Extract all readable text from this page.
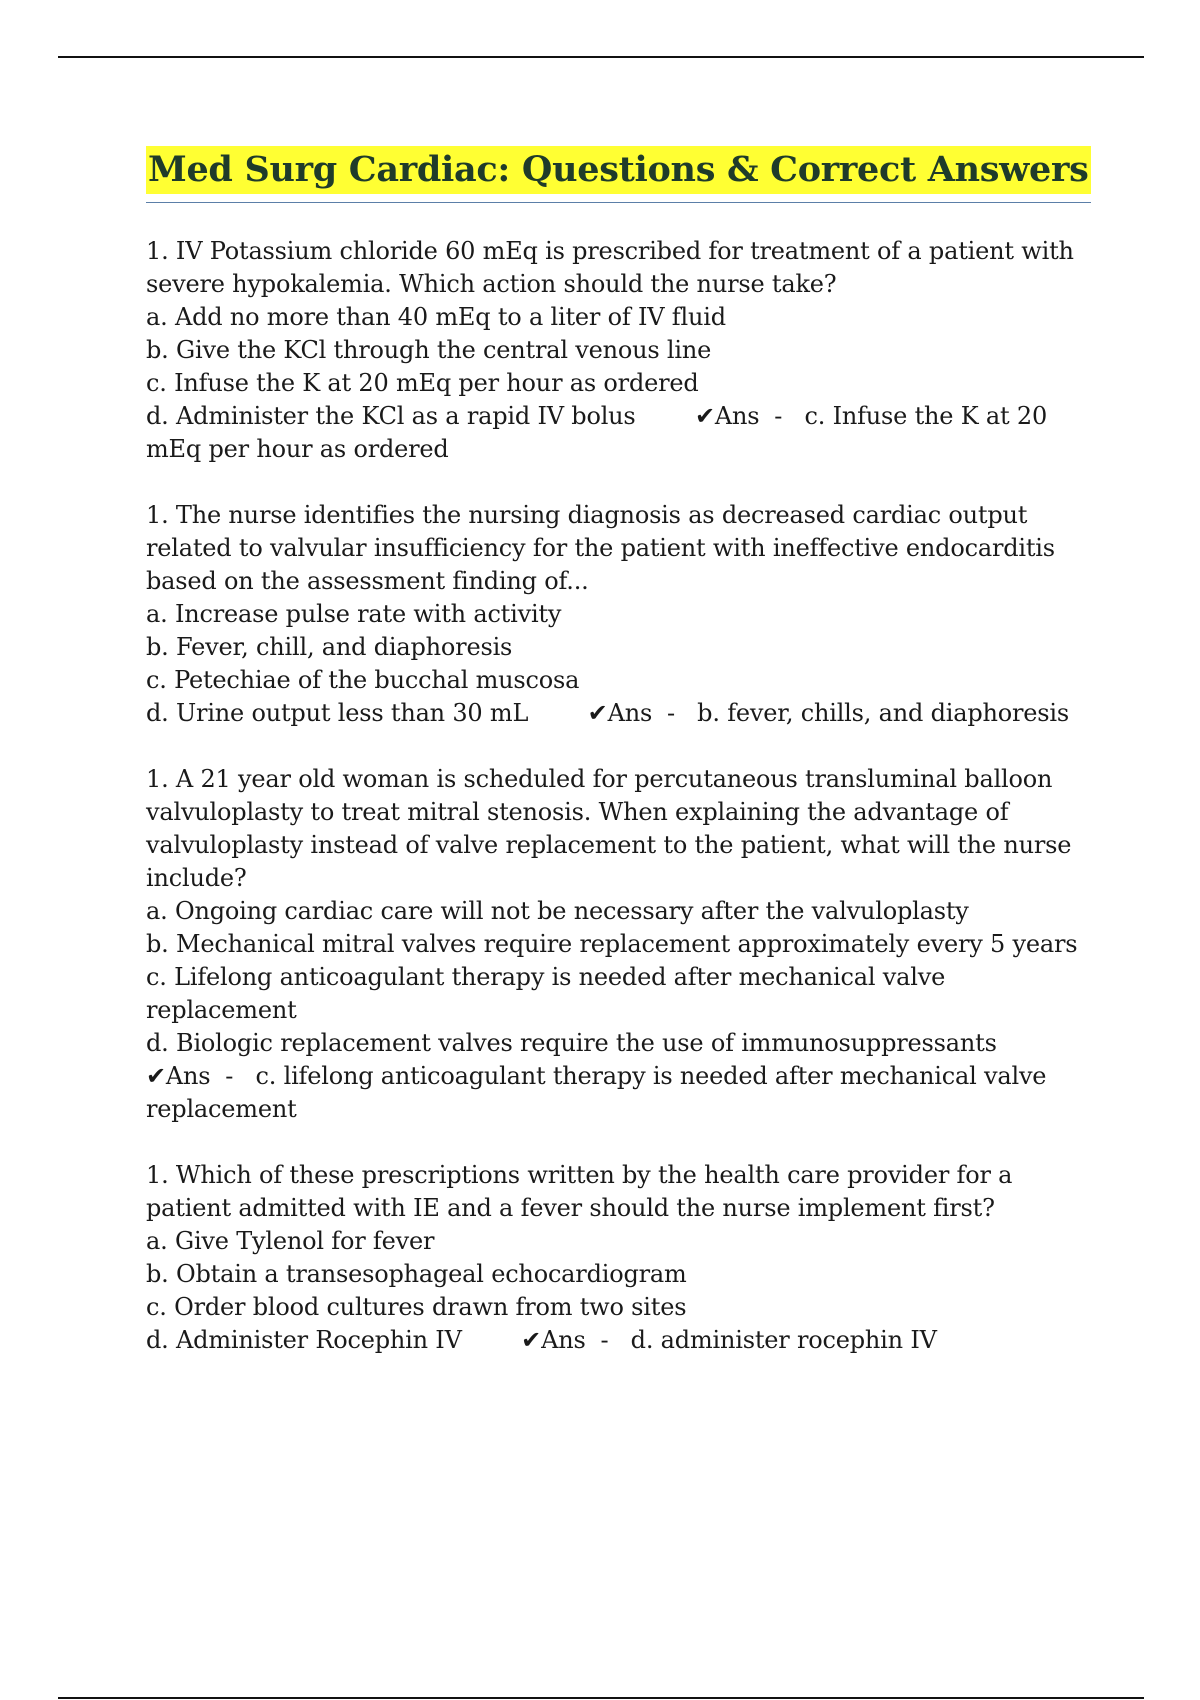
Med Surg Cardiac: Questions & Correct Answers
1. IV Potassium chloride 60 mEq is prescribed for treatment of a patient with severe hypokalemia. Which action should the nurse take?
a. Add no more than 40 mEq to a liter of IV fluid
b. Give the KCl through the central venous line
c. Infuse the K at 20 mEq per hour as ordered
d. Administer the KCl as a rapid IV bolus ✔Ans - c. Infuse the K at 20 mEq per hour as ordered
1. The nurse identifies the nursing diagnosis as decreased cardiac output related to valvular insufficiency for the patient with ineffective endocarditis based on the assessment finding of...
a. Increase pulse rate with activity
b. Fever, chill, and diaphoresis
c. Petechiae of the bucchal muscosa
d. Urine output less than 30 mL ✔Ans - b. fever, chills, and diaphoresis
1. A 21 year old woman is scheduled for percutaneous transluminal balloon valvuloplasty to treat mitral stenosis. When explaining the advantage of valvuloplasty instead of valve replacement to the patient, what will the nurse include?
a. Ongoing cardiac care will not be necessary after the valvuloplasty
b. Mechanical mitral valves require replacement approximately every 5 years
c. Lifelong anticoagulant therapy is needed after mechanical valve replacement
d. Biologic replacement valves require the use of immunosuppressants
✔Ans - c. lifelong anticoagulant therapy is needed after mechanical valve replacement
1. Which of these prescriptions written by the health care provider for a patient admitted with IE and a fever should the nurse implement first?
a. Give Tylenol for fever
b. Obtain a transesophageal echocardiogram
c. Order blood cultures drawn from two sites
d. Administer Rocephin IV ✔Ans - d. administer rocephin IV
